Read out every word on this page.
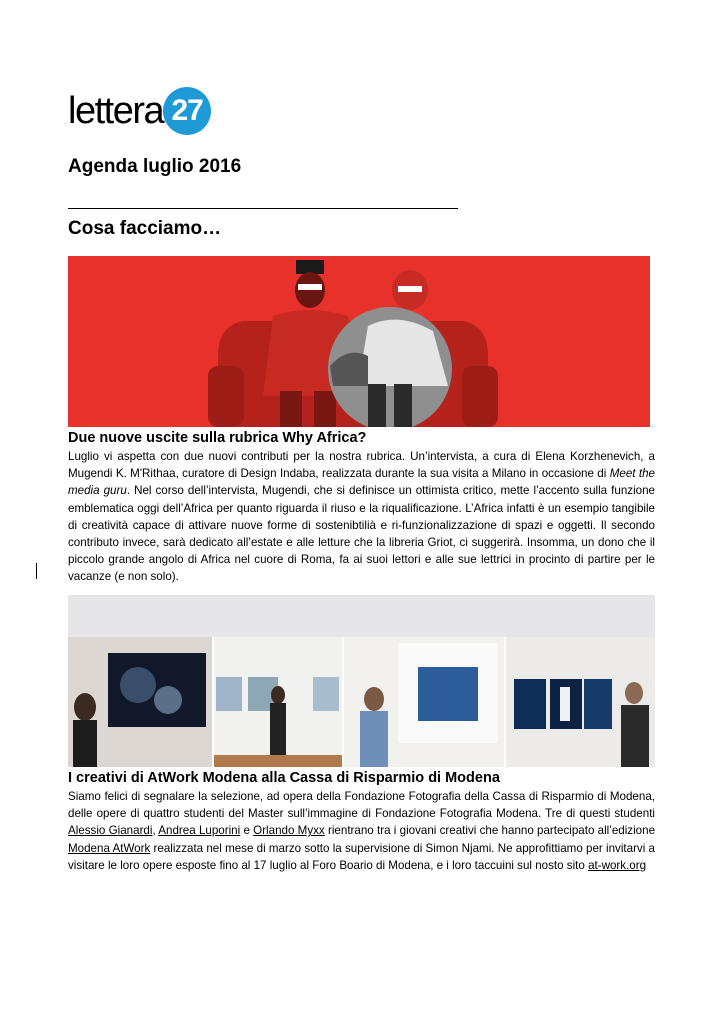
lettera 27
Agenda luglio 2016
Cosa facciamo…
Due nuove uscite sulla rubrica Why Africa?
Luglio vi aspetta con due nuovi contributi per la nostra rubrica. Un’intervista, a cura di Elena Korzhenevich, a Mugendi K. M'Rithaa, curatore di Design Indaba, realizzata durante la sua visita a Milano in occasione di Meet the media guru. Nel corso dell’intervista, Mugendi, che si definisce un ottimista critico, mette l’accento sulla funzione emblematica oggi dell’Africa per quanto riguarda il riuso e la riqualificazione. L’Africa infatti è un esempio tangibile di creatività capace di attivare nuove forme di sostenibtilià e ri-funzionalizzazione di spazi e oggetti. Il secondo contributo invece, sarà dedicato all’estate e alle letture che la libreria Griot, ci suggerirà. Insomma, un dono che il piccolo grande angolo di Africa nel cuore di Roma, fa ai suoi lettori e alle sue lettrici in procinto di partire per le vacanze (e non solo).
I creativi di AtWork Modena alla Cassa di Risparmio di Modena
Siamo felici di segnalare la selezione, ad opera della Fondazione Fotografia della Cassa di Risparmio di Modena, delle opere di quattro studenti del Master sull’immagine di Fondazione Fotografia Modena. Tre di questi studenti Alessio Gianardi, Andrea Luporini e Orlando Myxx rientrano tra i giovani creativi che hanno partecipato all’edizione Modena AtWork realizzata nel mese di marzo sotto la supervisione di Simon Njami. Ne approfittiamo per invitarvi a visitare le loro opere esposte fino al 17 luglio al Foro Boario di Modena, e i loro taccuini sul nosto sito at-work.org
